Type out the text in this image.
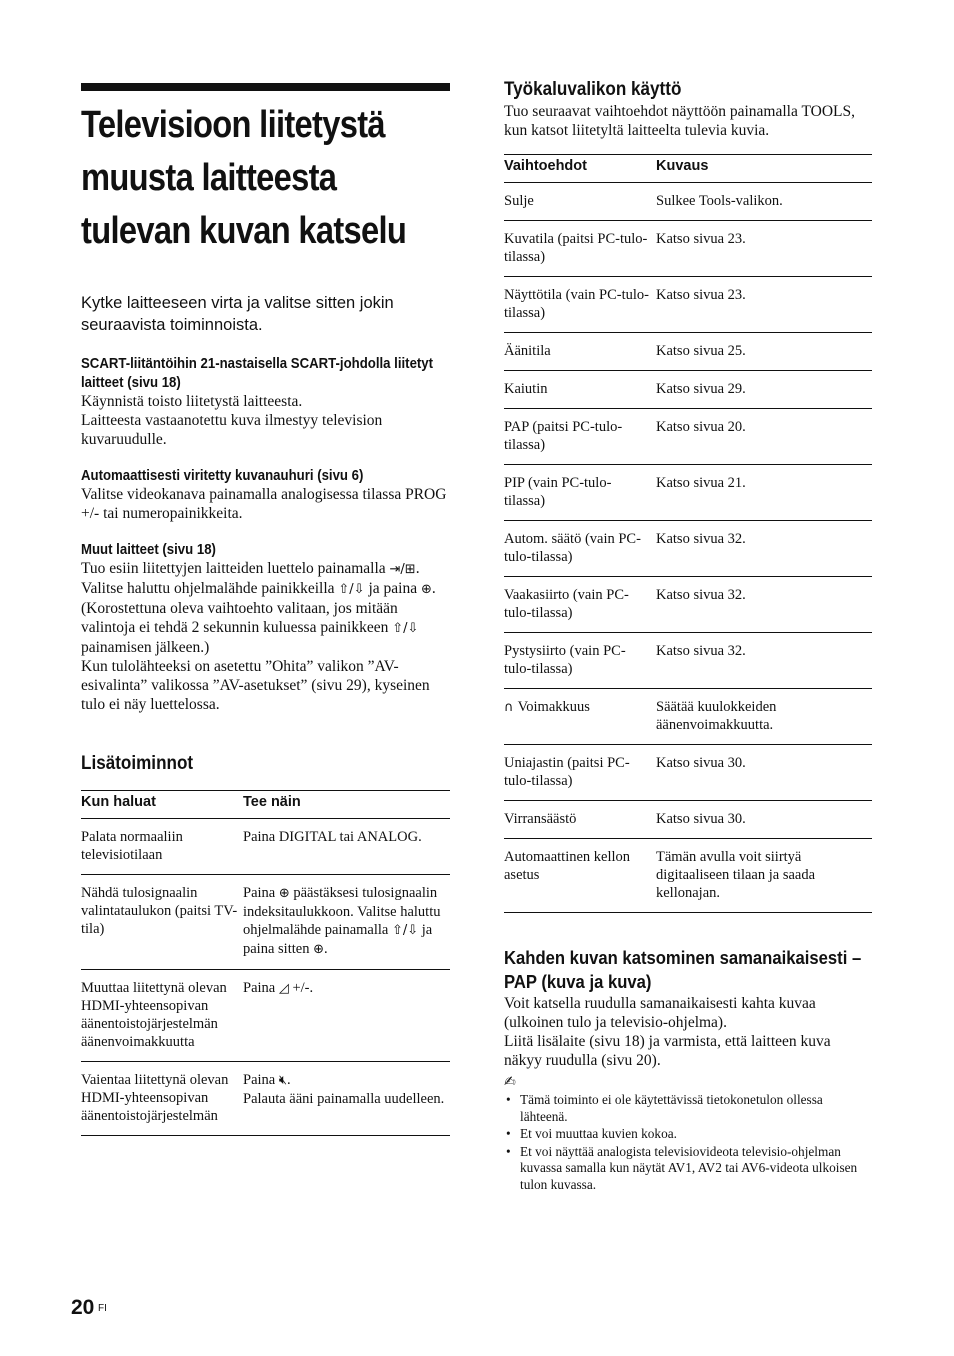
Televisioon liitetystä
muusta laitteesta
tulevan kuvan katselu

Kytke laitteeseen virta ja valitse sitten jokin seuraavista toiminnoista.

SCART-liitäntöihin 21-nastaisella SCART-johdolla liitetyt laitteet (sivu 18)

Käynnistä toisto liitetystä laitteesta.

Laitteesta vastaanotettu kuva ilmestyy television kuvaruudulle.

Automaattisesti viritetty kuvanauhuri (sivu 6)

Valitse videokanava painamalla analogisessa tilassa PROG +/- tai numeropainikkeita.

Muut laitteet (sivu 18)

Tuo esiin liitettyjen laitteiden luettelo painamalla ⇥/⊞. Valitse haluttu ohjelmalähde painikkeilla ⇧/⇩ ja paina ⊕. (Korostettuna oleva vaihtoehto valitaan, jos mitään valintoja ei tehdä 2 sekunnin kuluessa painikkeen ⇧/⇩ painamisen jälkeen.)

Kun tulolähteeksi on asetettu ”Ohita” valikon ”AV-esivalinta” valikossa ”AV-asetukset” (sivu 29), kyseinen tulo ei näy luettelossa.

Lisätoiminnot
Kun haluat	Tee näin
Palata normaaliin televisiotilaan	Paina DIGITAL tai ANALOG.
Nähdä tulosignaalin valintataulukon (paitsi TV-tila)	Paina ⊕ päästäksesi tulosignaalin indeksitaulukkoon. Valitse haluttu ohjelmalähde painamalla ⇧/⇩ ja paina sitten ⊕.
Muuttaa liitettynä olevan HDMI-yhteensopivan äänentoistojärjestelmän äänenvoimakkuutta	Paina ◿ +/-.
Vaientaa liitettynä olevan HDMI-yhteensopivan äänentoistojärjestelmän	Paina 🔇︎.
Palauta ääni painamalla uudelleen.
Työkaluvalikon käyttö

Tuo seuraavat vaihtoehdot näyttöön painamalla TOOLS, kun katsot liitetyltä laitteelta tulevia kuvia.

Vaihtoehdot	Kuvaus
Sulje	Sulkee Tools-valikon.
Kuvatila (paitsi PC-tulo-tilassa)	Katso sivua 23.
Näyttötila (vain PC-tulo-tilassa)	Katso sivua 23.
Äänitila	Katso sivua 25.
Kaiutin	Katso sivua 29.
PAP (paitsi PC-tulo-tilassa)	Katso sivua 20.
PIP (vain PC-tulo-tilassa)	Katso sivua 21.
Autom. säätö (vain PC-tulo-tilassa)	Katso sivua 32.
Vaakasiirto (vain PC-tulo-tilassa)	Katso sivua 32.
Pystysiirto (vain PC-tulo-tilassa)	Katso sivua 32.
∩ Voimakkuus	Säätää kuulokkeiden äänenvoimakkuutta.
Uniajastin (paitsi PC-tulo-tilassa)	Katso sivua 30.
Virransäästö	Katso sivua 30.
Automaattinen kellon asetus	Tämän avulla voit siirtyä digitaaliseen tilaan ja saada kellonajan.
Kahden kuvan katsominen samanaikaisesti – PAP (kuva ja kuva)

Voit katsella ruudulla samanaikaisesti kahta kuvaa (ulkoinen tulo ja televisio-ohjelma).

Liitä lisälaite (sivu 18) ja varmista, että laitteen kuva näkyy ruudulla (sivu 20).

✍
• Tämä toiminto ei ole käytettävissä tietokonetulon ollessa lähteenä.
• Et voi muuttaa kuvien kokoa.
• Et voi näyttää analogista televisiovideota televisio-ohjelman kuvassa samalla kun näytät AV1, AV2 tai AV6-videota ulkoisen tulon kuvassa.
20 FI
